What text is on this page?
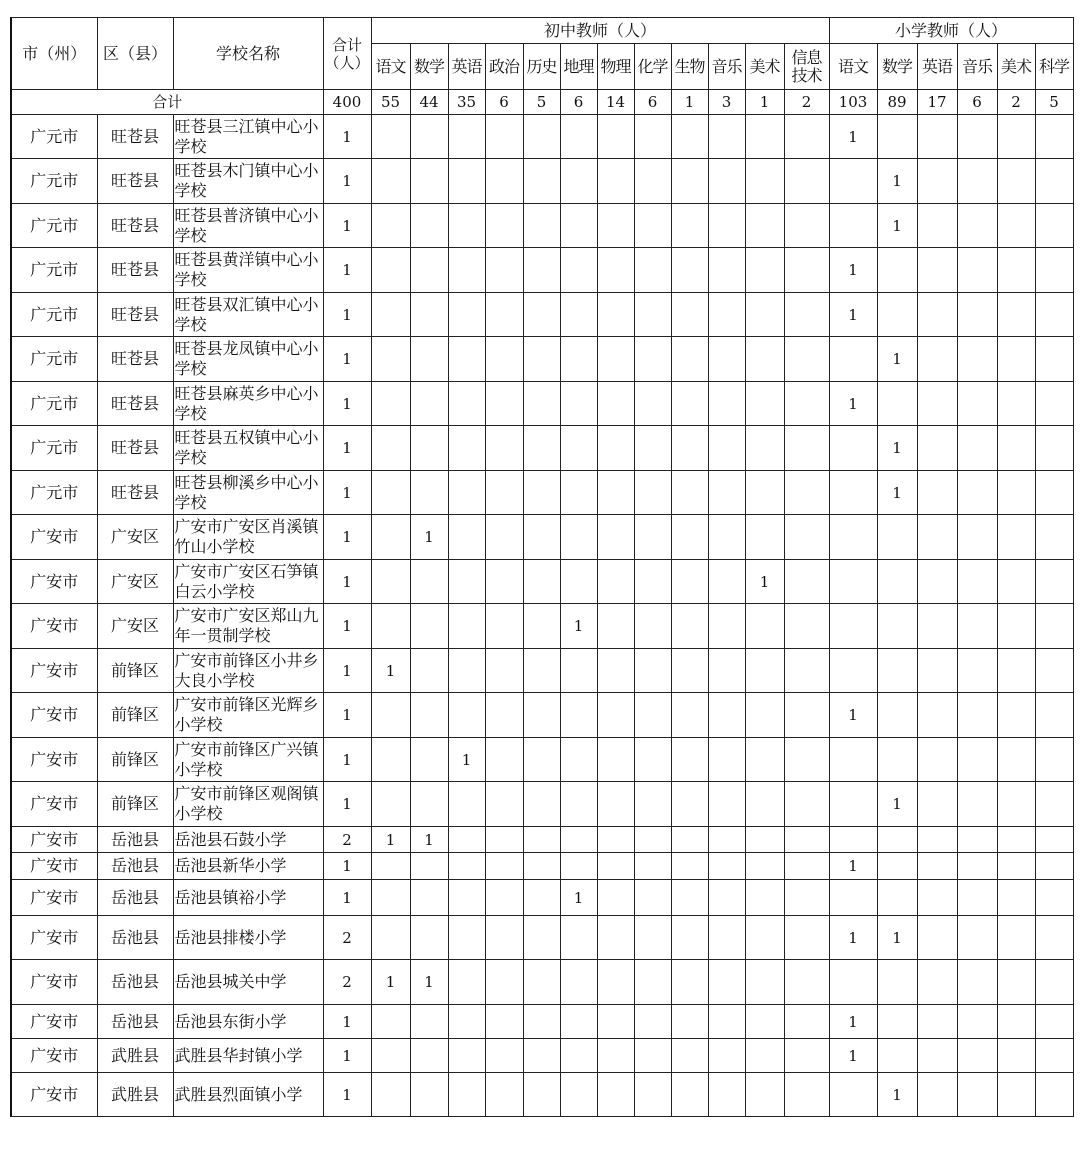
市（州）	区（县）	学校名称	合计（人）	初中教师（人）												小学教师（人）					
				语文	数学	英语	政治	历史	地理	物理	化学	生物	音乐	美术	信息技术	语文	数学	英语	音乐	美术	科学
合计			400	55	44	35	6	5	6	14	6	1	3	1	2	103	89	17	6	2	5
广元市	旺苍县	旺苍县三江镇中心小学校	1													1					
广元市	旺苍县	旺苍县木门镇中心小学校	1														1				
广元市	旺苍县	旺苍县普济镇中心小学校	1														1				
广元市	旺苍县	旺苍县黄洋镇中心小学校	1													1					
广元市	旺苍县	旺苍县双汇镇中心小学校	1													1					
广元市	旺苍县	旺苍县龙凤镇中心小学校	1														1				
广元市	旺苍县	旺苍县麻英乡中心小学校	1													1					
广元市	旺苍县	旺苍县五权镇中心小学校	1														1				
广元市	旺苍县	旺苍县柳溪乡中心小学校	1														1				
广安市	广安区	广安市广安区肖溪镇竹山小学校	1		1																
广安市	广安区	广安市广安区石笋镇白云小学校	1											1							
广安市	广安区	广安市广安区郑山九年一贯制学校	1						1												
广安市	前锋区	广安市前锋区小井乡大良小学校	1	1																	
广安市	前锋区	广安市前锋区光辉乡小学校	1													1					
广安市	前锋区	广安市前锋区广兴镇小学校	1			1															
广安市	前锋区	广安市前锋区观阁镇小学校	1														1				
广安市	岳池县	岳池县石鼓小学	2	1	1																
广安市	岳池县	岳池县新华小学	1													1					
广安市	岳池县	岳池县镇裕小学	1						1												
广安市	岳池县	岳池县排楼小学	2													1	1				
广安市	岳池县	岳池县城关中学	2	1	1																
广安市	岳池县	岳池县东街小学	1													1					
广安市	武胜县	武胜县华封镇小学	1													1					
广安市	武胜县	武胜县烈面镇小学	1														1				
